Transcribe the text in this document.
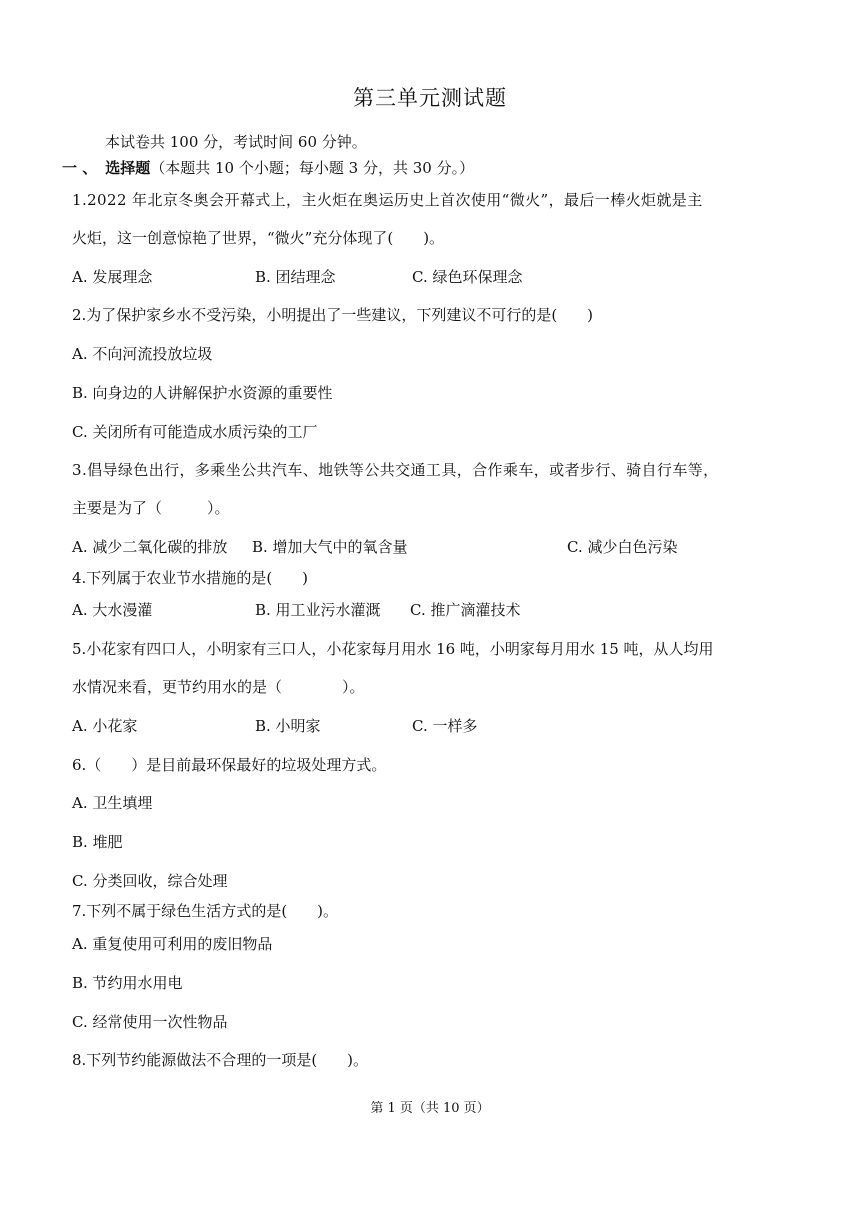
第三单元测试题
本试卷共 100 分，考试时间 60 分钟。
一 、 选择题（本题共 10 个小题；每小题 3 分，共 30 分。）
1.2022 年北京冬奥会开幕式上，主火炬在奥运历史上首次使用“微火”，最后一棒火炬就是主
火炬，这一创意惊艳了世界，“微火”充分体现了(　　)。
A. 发展理念	B. 团结理念	C. 绿色环保理念
2.为了保护家乡水不受污染，小明提出了一些建议，下列建议不可行的是(　　)
A. 不向河流投放垃圾
B. 向身边的人讲解保护水资源的重要性
C. 关闭所有可能造成水质污染的工厂
3.倡导绿色出行，多乘坐公共汽车、地铁等公共交通工具，合作乘车，或者步行、骑自行车等，
主要是为了（　　　）。
A. 减少二氧化碳的排放 B. 增加大气中的氧含量	C. 减少白色污染
4.下列属于农业节水措施的是(　　)
A. 大水漫灌	B. 用工业污水灌溉 C. 推广滴灌技术
5.小花家有四口人，小明家有三口人，小花家每月用水 16 吨，小明家每月用水 15 吨，从人均用
水情况来看，更节约用水的是（　　　　）。
A. 小花家	B. 小明家	C. 一样多
6.（　　）是目前最环保最好的垃圾处理方式。
A. 卫生填埋
B. 堆肥
C. 分类回收，综合处理
7.下列不属于绿色生活方式的是(　　)。
A. 重复使用可利用的废旧物品
B. 节约用水用电
C. 经常使用一次性物品
8.下列节约能源做法不合理的一项是(　　)。
第 1 页（共 10 页）
